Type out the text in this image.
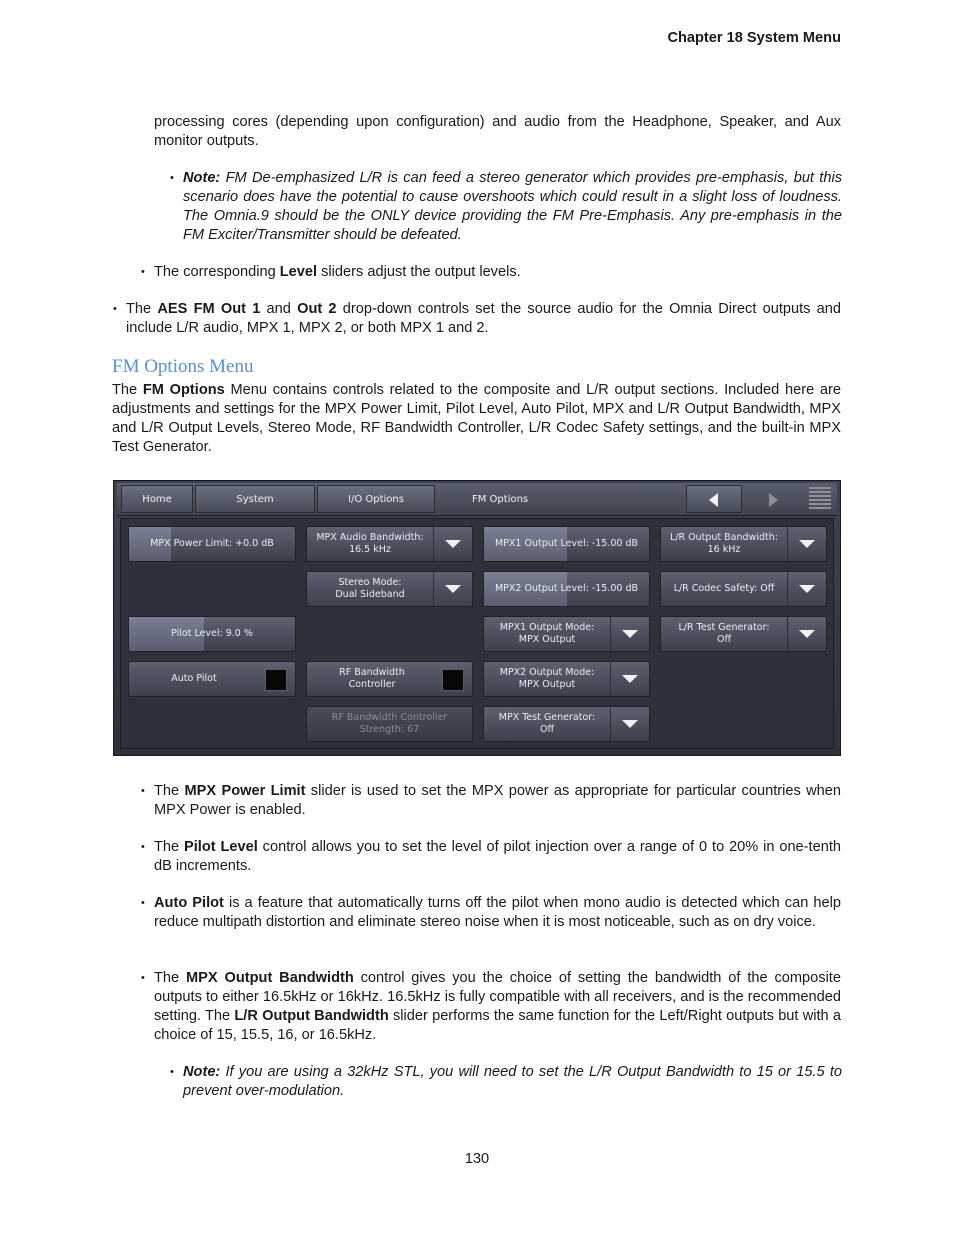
Chapter 18 System Menu

processing cores (depending upon configuration) and audio from the Headphone, Speaker, and Aux monitor outputs.

• Note: FM De-emphasized L/R is can feed a stereo generator which provides pre-emphasis, but this scenario does have the potential to cause overshoots which could result in a slight loss of loudness. The Omnia.9 should be the ONLY device providing the FM Pre-Emphasis. Any pre-emphasis in the FM Exciter/Transmitter should be defeated.

• The corresponding Level sliders adjust the output levels.

• The AES FM Out 1 and Out 2 drop-down controls set the source audio for the Omnia Direct outputs and include L/R audio, MPX 1, MPX 2, or both MPX 1 and 2.

FM Options Menu

The FM Options Menu contains controls related to the composite and L/R output sections. Included here are adjustments and settings for the MPX Power Limit, Pilot Level, Auto Pilot, MPX and L/R Output Bandwidth, MPX and L/R Output Levels, Stereo Mode, RF Bandwidth Controller, L/R Codec Safety settings, and the built-in MPX Test Generator.

Home	System	I/O Options	FM Options
MPX Power Limit: +0.0 dB
Pilot Level: 9.0 %
Auto Pilot
MPX Audio Bandwidth:
16.5 kHz
Stereo Mode:
Dual Sideband
RF Bandwidth
Controller
RF Bandwidth Controller
Strength: 67
MPX1 Output Level: -15.00 dB
MPX2 Output Level: -15.00 dB
MPX1 Output Mode:
MPX Output
MPX2 Output Mode:
MPX Output
MPX Test Generator:
Off
L/R Output Bandwidth:
16 kHz
L/R Codec Safety: Off
L/R Test Generator:
Off
• The MPX Power Limit slider is used to set the MPX power as appropriate for particular countries when MPX Power is enabled.

• The Pilot Level control allows you to set the level of pilot injection over a range of 0 to 20% in one-tenth dB increments.

• Auto Pilot is a feature that automatically turns off the pilot when mono audio is detected which can help reduce multipath distortion and eliminate stereo noise when it is most noticeable, such as on dry voice.

• The MPX Output Bandwidth control gives you the choice of setting the bandwidth of the composite outputs to either 16.5kHz or 16kHz. 16.5kHz is fully compatible with all receivers, and is the recommended setting. The L/R Output Bandwidth slider performs the same function for the Left/Right outputs but with a choice of 15, 15.5, 16, or 16.5kHz.

• Note: If you are using a 32kHz STL, you will need to set the L/R Output Bandwidth to 15 or 15.5 to prevent over-modulation.

130
